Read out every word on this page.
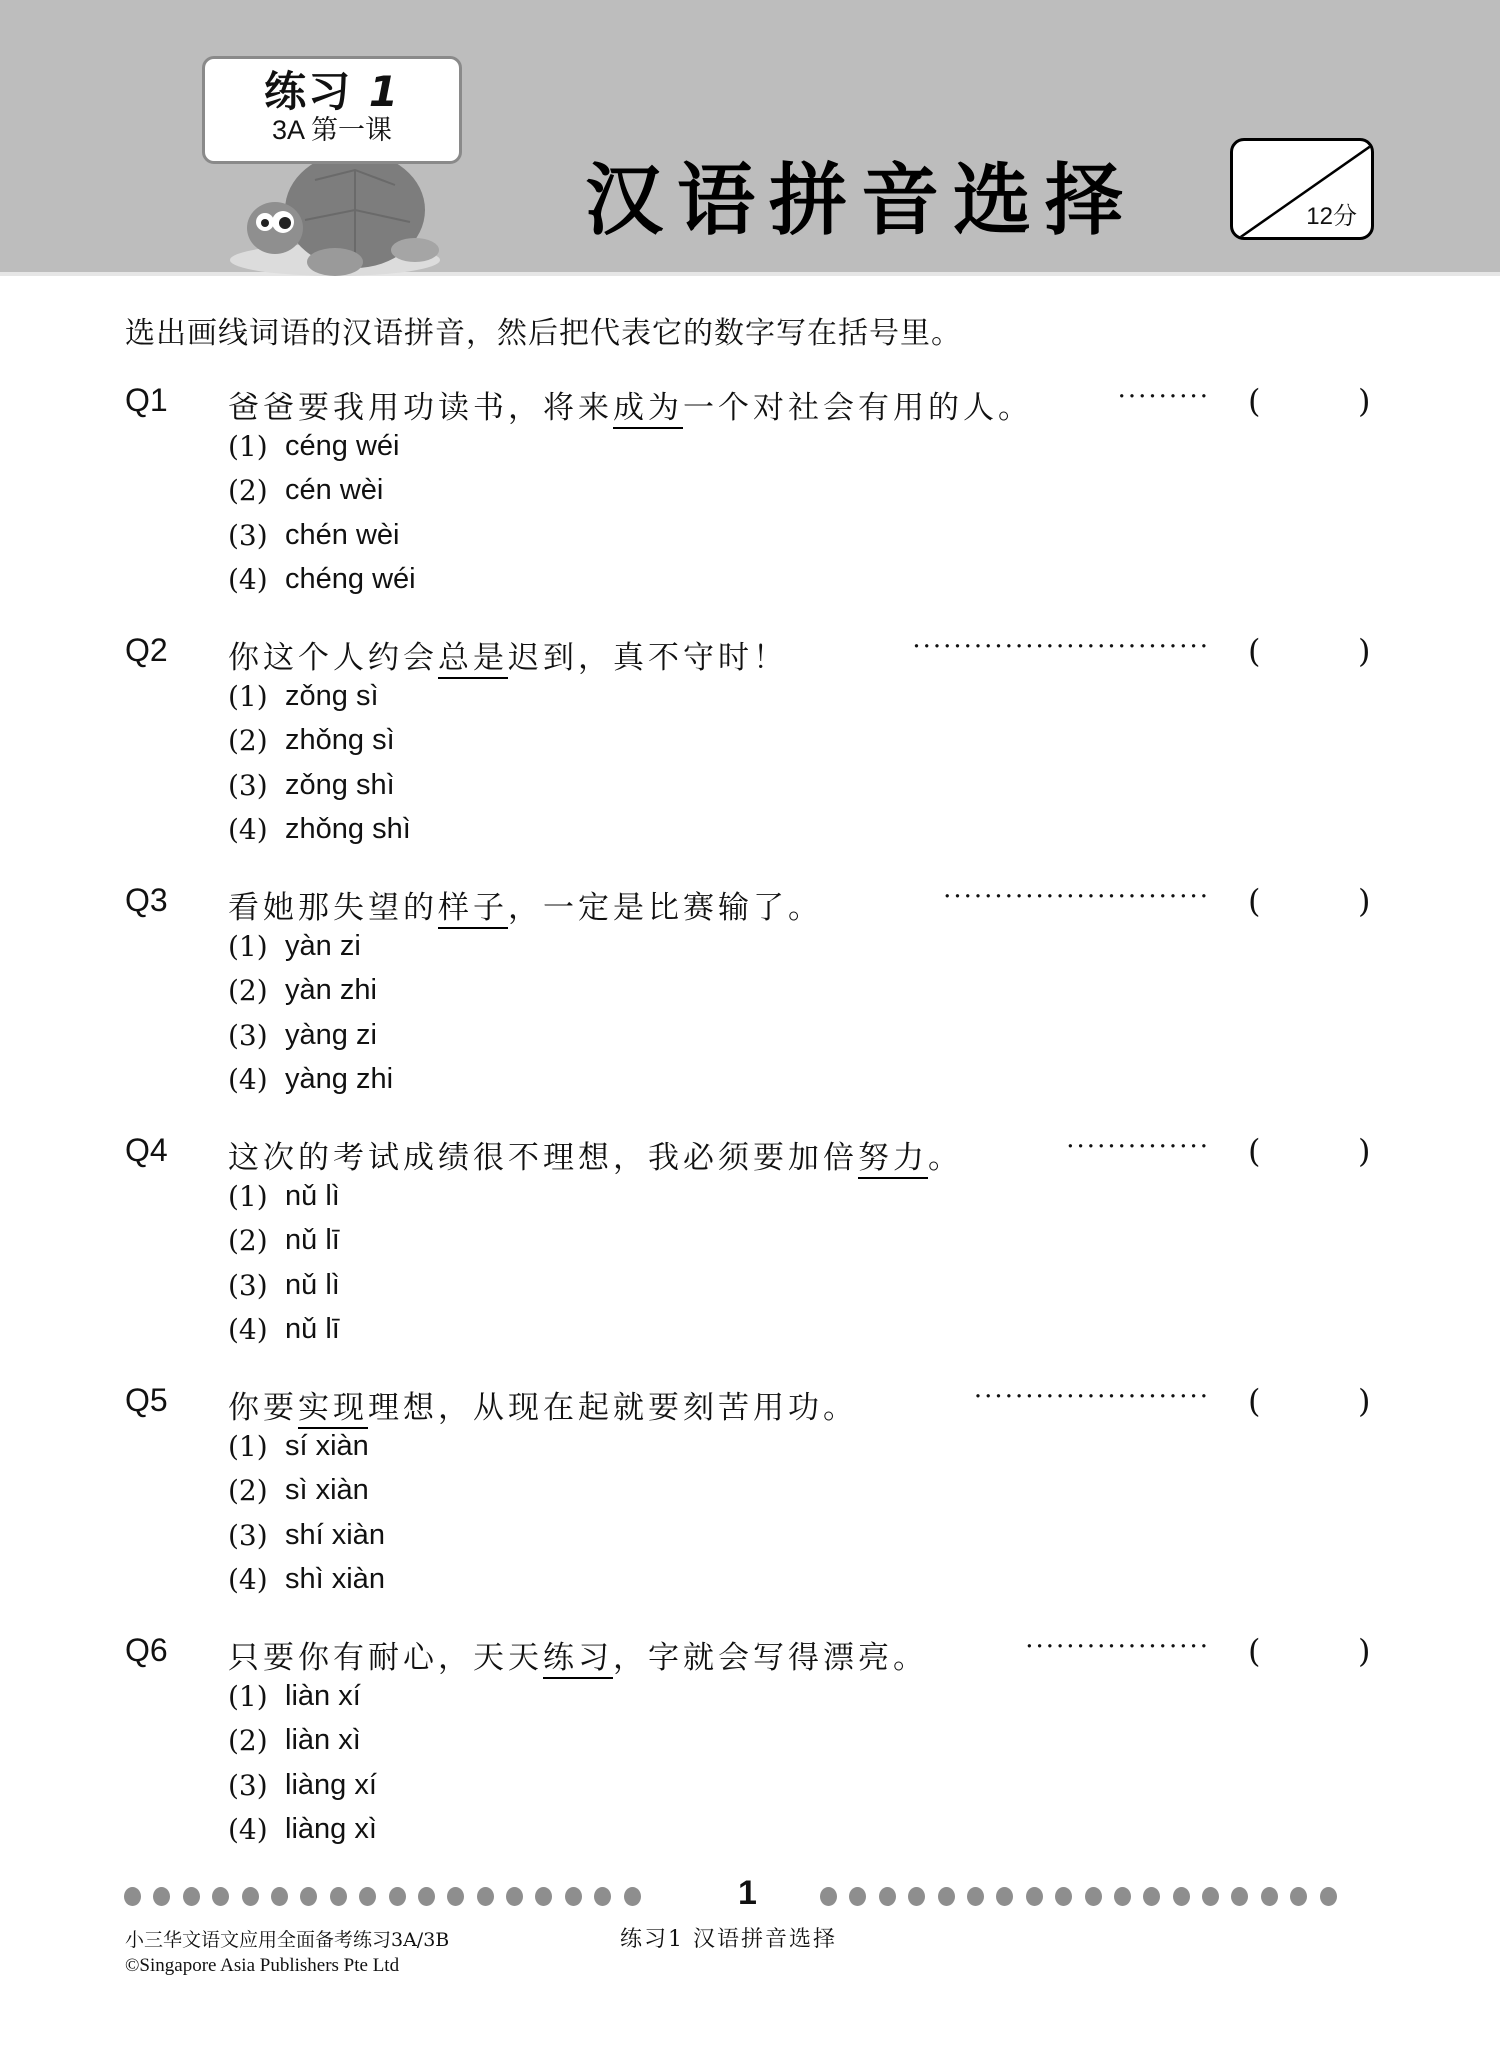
练习 1
3A 第一课
汉语拼音选择	12分
选出画线词语的汉语拼音，然后把代表它的数字写在括号里。
Q1 爸爸要我用功读书，将来成为一个对社会有用的人。	········· (	)
(1) céng wéi
(2) cén wèi
(3) chén wèi
(4) chéng wéi
Q2 你这个人约会总是迟到，真不守时！	····························· (	)
(1) zǒng sì
(2) zhǒng sì
(3) zǒng shì
(4) zhǒng shì
Q3 看她那失望的样子，一定是比赛输了。	·························· (	)
(1) yàn zi
(2) yàn zhi
(3) yàng zi
(4) yàng zhi
Q4 这次的考试成绩很不理想，我必须要加倍努力。	·············· (	)
(1) nǔ lì
(2) nǔ lī
(3) nǔ lì
(4) nǔ lī
Q5 你要实现理想，从现在起就要刻苦用功。	······················· (	)
(1) sí xiàn
(2) sì xiàn
(3) shí xiàn
(4) shì xiàn
Q6 只要你有耐心，天天练习，字就会写得漂亮。	·················· (	)
(1) liàn xí
(2) liàn xì
(3) liàng xí
(4) liàng xì
1
小三华文语文应用全面备考练习3A/3B
©Singapore Asia Publishers Pte Ltd
练习1 汉语拼音选择
